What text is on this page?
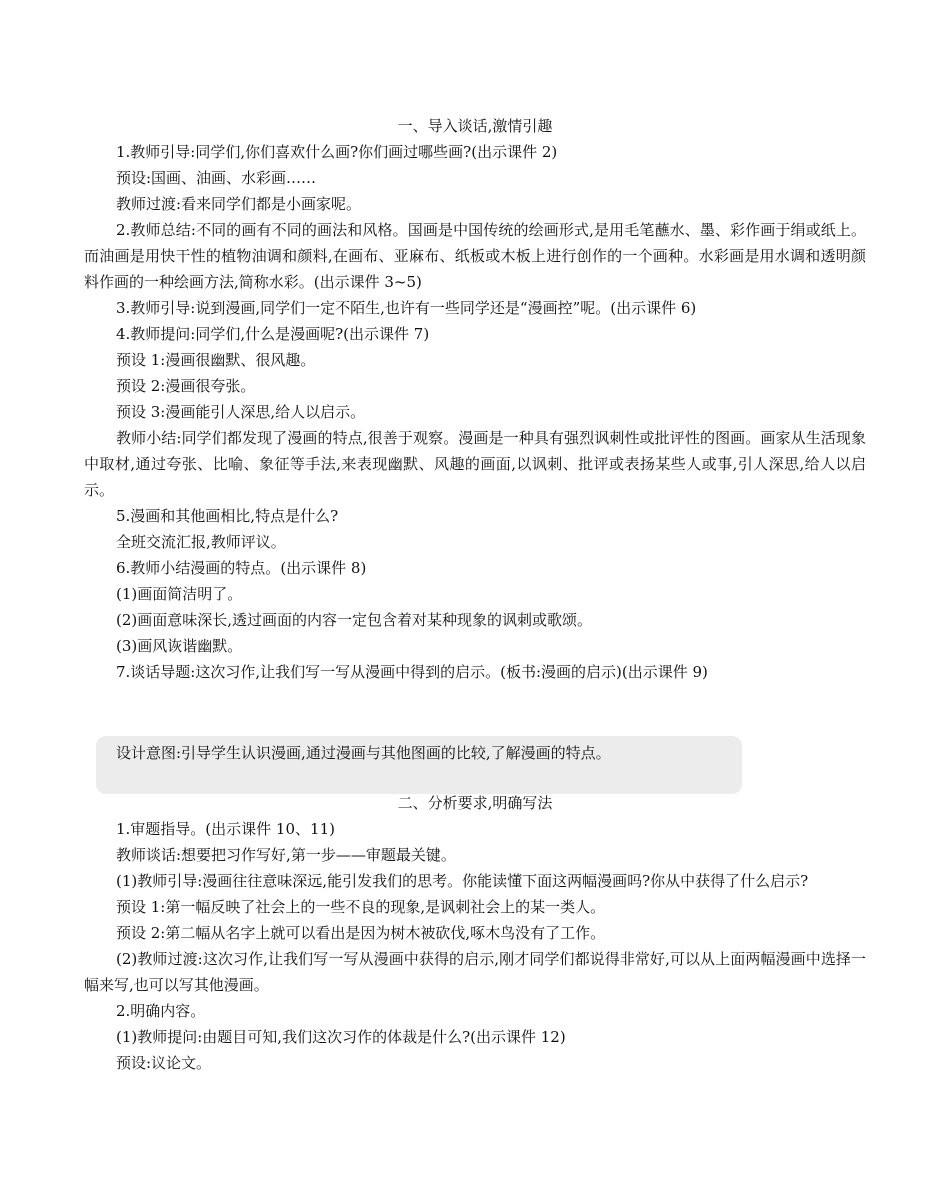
一、导入谈话,激情引趣

1.教师引导:同学们,你们喜欢什么画?你们画过哪些画?(出示课件 2)

预设:国画、油画、水彩画……

教师过渡:看来同学们都是小画家呢。

2.教师总结:不同的画有不同的画法和风格。国画是中国传统的绘画形式,是用毛笔蘸水、墨、彩作画于绢或纸上。而油画是用快干性的植物油调和颜料,在画布、亚麻布、纸板或木板上进行创作的一个画种。水彩画是用水调和透明颜料作画的一种绘画方法,简称水彩。(出示课件 3~5)

3.教师引导:说到漫画,同学们一定不陌生,也许有一些同学还是“漫画控”呢。(出示课件 6)

4.教师提问:同学们,什么是漫画呢?(出示课件 7)

预设 1:漫画很幽默、很风趣。

预设 2:漫画很夸张。

预设 3:漫画能引人深思,给人以启示。

教师小结:同学们都发现了漫画的特点,很善于观察。漫画是一种具有强烈讽刺性或批评性的图画。画家从生活现象中取材,通过夸张、比喻、象征等手法,来表现幽默、风趣的画面,以讽刺、批评或表扬某些人或事,引人深思,给人以启示。

5.漫画和其他画相比,特点是什么?

全班交流汇报,教师评议。

6.教师小结漫画的特点。(出示课件 8)

(1)画面简洁明了。

(2)画面意味深长,透过画面的内容一定包含着对某种现象的讽刺或歌颂。

(3)画风诙谐幽默。

7.谈话导题:这次习作,让我们写一写从漫画中得到的启示。(板书:漫画的启示)(出示课件 9)

设计意图:引导学生认识漫画,通过漫画与其他图画的比较,了解漫画的特点。

二、分析要求,明确写法

1.审题指导。(出示课件 10、11)

教师谈话:想要把习作写好,第一步——审题最关键。

(1)教师引导:漫画往往意味深远,能引发我们的思考。你能读懂下面这两幅漫画吗?你从中获得了什么启示?

预设 1:第一幅反映了社会上的一些不良的现象,是讽刺社会上的某一类人。

预设 2:第二幅从名字上就可以看出是因为树木被砍伐,啄木鸟没有了工作。

(2)教师过渡:这次习作,让我们写一写从漫画中获得的启示,刚才同学们都说得非常好,可以从上面两幅漫画中选择一幅来写,也可以写其他漫画。

2.明确内容。

(1)教师提问:由题目可知,我们这次习作的体裁是什么?(出示课件 12)

预设:议论文。
